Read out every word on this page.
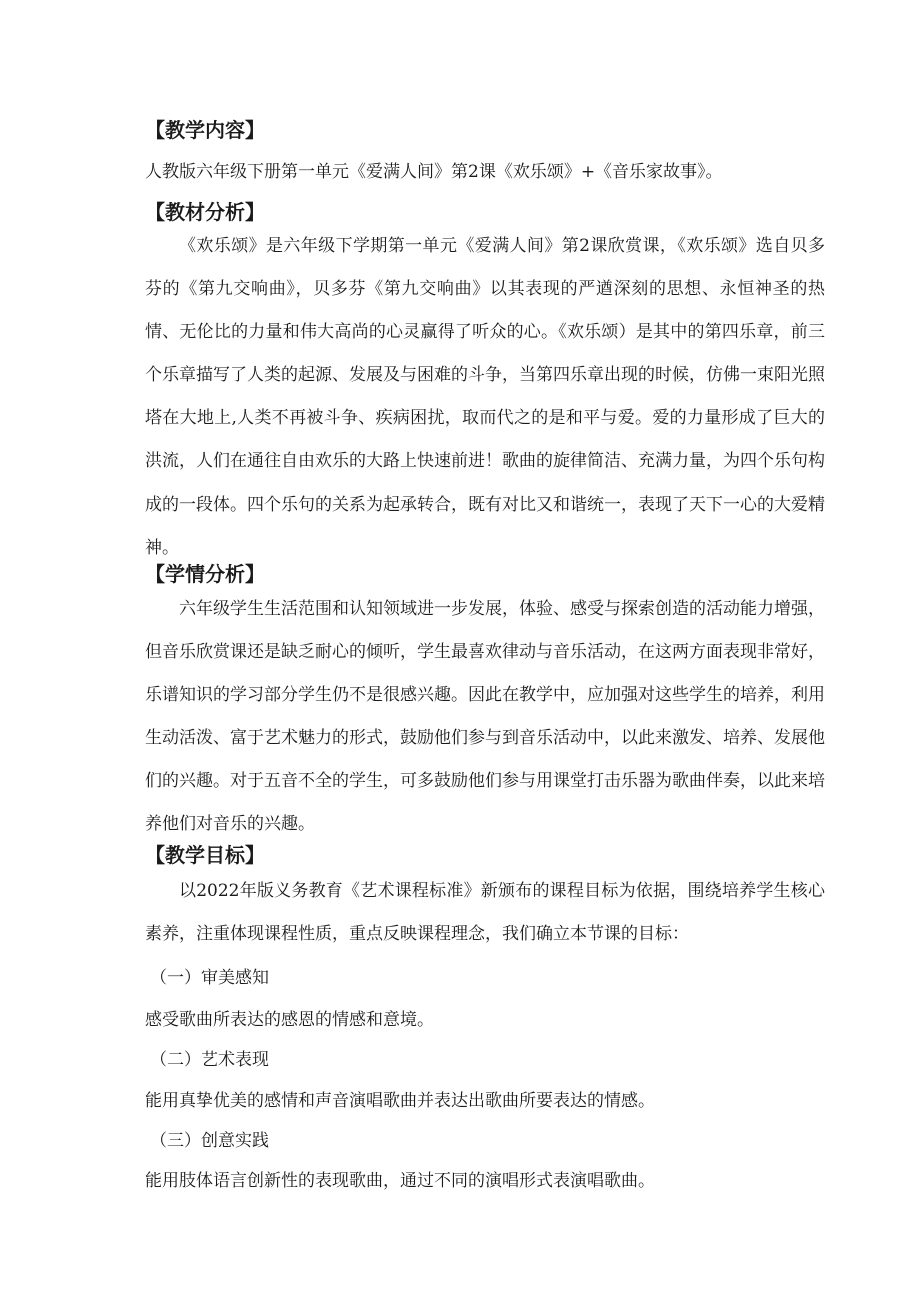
【教学内容】
人教版六年级下册第一单元《爱满人间》第2课《欢乐颂》+《音乐家故事》。
【教材分析】
《欢乐颂》是六年级下学期第一单元《爱满人间》第2课欣赏课，《欢乐颂》选自贝多芬的《第九交响曲》，贝多芬《第九交响曲》以其表现的严遒深刻的思想、永恒神圣的热情、无伦比的力量和伟大高尚的心灵赢得了听众的心。《欢乐颂）是其中的第四乐章，前三个乐章描写了人类的起源、发展及与困难的斗争，当第四乐章出现的时候，仿佛一束阳光照塔在大地上,人类不再被斗争、疾病困扰，取而代之的是和平与爱。爱的力量形成了巨大的洪流，人们在通往自由欢乐的大路上快速前进！歌曲的旋律简洁、充满力量，为四个乐句构成的一段体。四个乐句的关系为起承转合，既有对比又和谐统一，表现了天下一心的大爱精神。
【学情分析】
六年级学生生活范围和认知领域进一步发展，体验、感受与探索创造的活动能力增强，但音乐欣赏课还是缺乏耐心的倾听，学生最喜欢律动与音乐活动，在这两方面表现非常好，乐谱知识的学习部分学生仍不是很感兴趣。因此在教学中，应加强对这些学生的培养，利用生动活泼、富于艺术魅力的形式，鼓励他们参与到音乐活动中，以此来激发、培养、发展他们的兴趣。对于五音不全的学生，可多鼓励他们参与用课堂打击乐器为歌曲伴奏，以此来培养他们对音乐的兴趣。
【教学目标】
以2022年版义务教育《艺术课程标准》新颁布的课程目标为依据，围绕培养学生核心素养，注重体现课程性质，重点反映课程理念，我们确立本节课的目标：
（一）审美感知
感受歌曲所表达的感恩的情感和意境。
（二）艺术表现
能用真挚优美的感情和声音演唱歌曲并表达出歌曲所要表达的情感。
（三）创意实践
能用肢体语言创新性的表现歌曲，通过不同的演唱形式表演唱歌曲。
